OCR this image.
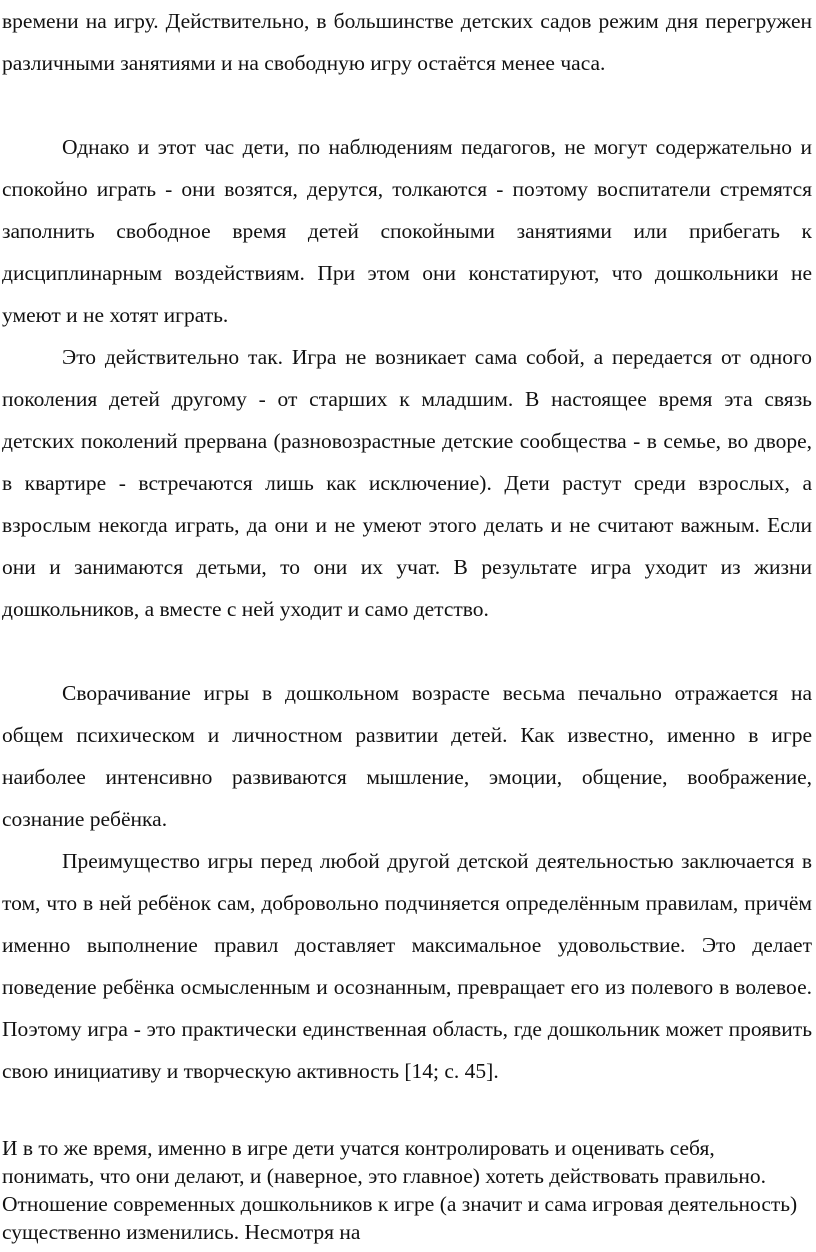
времени на игру. Действительно, в большинстве детских садов режим дня перегружен различными занятиями и на свободную игру остаётся менее часа.

Однако и этот час дети, по наблюдениям педагогов, не могут содержательно и спокойно играть - они возятся, дерутся, толкаются - поэтому воспитатели стремятся заполнить свободное время детей спокойными занятиями или прибегать к дисциплинарным воздействиям. При этом они констатируют, что дошкольники не умеют и не хотят играть.

Это действительно так. Игра не возникает сама собой, а передается от одного поколения детей другому - от старших к младшим. В настоящее время эта связь детских поколений прервана (разновозрастные детские сообщества - в семье, во дворе, в квартире - встречаются лишь как исключение). Дети растут среди взрослых, а взрослым некогда играть, да они и не умеют этого делать и не считают важным. Если они и занимаются детьми, то они их учат. В результате игра уходит из жизни дошкольников, а вместе с ней уходит и само детство.

Сворачивание игры в дошкольном возрасте весьма печально отражается на общем психическом и личностном развитии детей. Как известно, именно в игре наиболее интенсивно развиваются мышление, эмоции, общение, воображение, сознание ребёнка.

Преимущество игры перед любой другой детской деятельностью заключается в том, что в ней ребёнок сам, добровольно подчиняется определённым правилам, причём именно выполнение правил доставляет максимальное удовольствие. Это делает поведение ребёнка осмысленным и осознанным, превращает его из полевого в волевое. Поэтому игра - это практически единственная область, где дошкольник может проявить свою инициативу и творческую активность [14; с. 45].

И в то же время, именно в игре дети учатся контролировать и оценивать себя, понимать, что они делают, и (наверное, это главное) хотеть действовать правильно. Отношение современных дошкольников к игре (а значит и сама игровая деятельность) существенно изменились. Несмотря на
